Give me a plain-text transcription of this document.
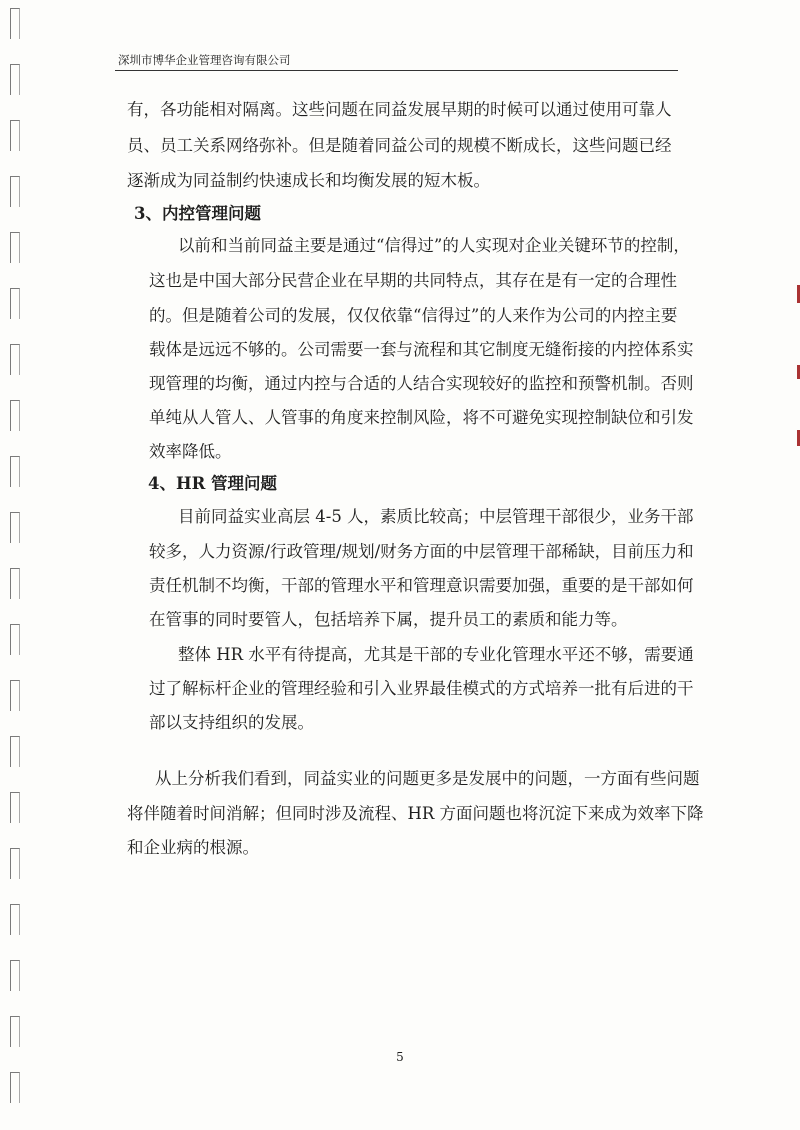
深圳市博华企业管理咨询有限公司
有，各功能相对隔离。这些问题在同益发展早期的时候可以通过使用可靠人
员、员工关系网络弥补。但是随着同益公司的规模不断成长，这些问题已经
逐渐成为同益制约快速成长和均衡发展的短木板。
3、内控管理问题
以前和当前同益主要是通过“信得过”的人实现对企业关键环节的控制，
这也是中国大部分民营企业在早期的共同特点，其存在是有一定的合理性
的。但是随着公司的发展，仅仅依靠“信得过”的人来作为公司的内控主要
载体是远远不够的。公司需要一套与流程和其它制度无缝衔接的内控体系实
现管理的均衡，通过内控与合适的人结合实现较好的监控和预警机制。否则
单纯从人管人、人管事的角度来控制风险，将不可避免实现控制缺位和引发
效率降低。
4、HR 管理问题
目前同益实业高层 4-5 人，素质比较高；中层管理干部很少，业务干部
较多，人力资源/行政管理/规划/财务方面的中层管理干部稀缺，目前压力和
责任机制不均衡，干部的管理水平和管理意识需要加强，重要的是干部如何
在管事的同时要管人，包括培养下属，提升员工的素质和能力等。
整体 HR 水平有待提高，尤其是干部的专业化管理水平还不够，需要通
过了解标杆企业的管理经验和引入业界最佳模式的方式培养一批有后进的干
部以支持组织的发展。
从上分析我们看到，同益实业的问题更多是发展中的问题，一方面有些问题
将伴随着时间消解；但同时涉及流程、HR 方面问题也将沉淀下来成为效率下降
和企业病的根源。
5
